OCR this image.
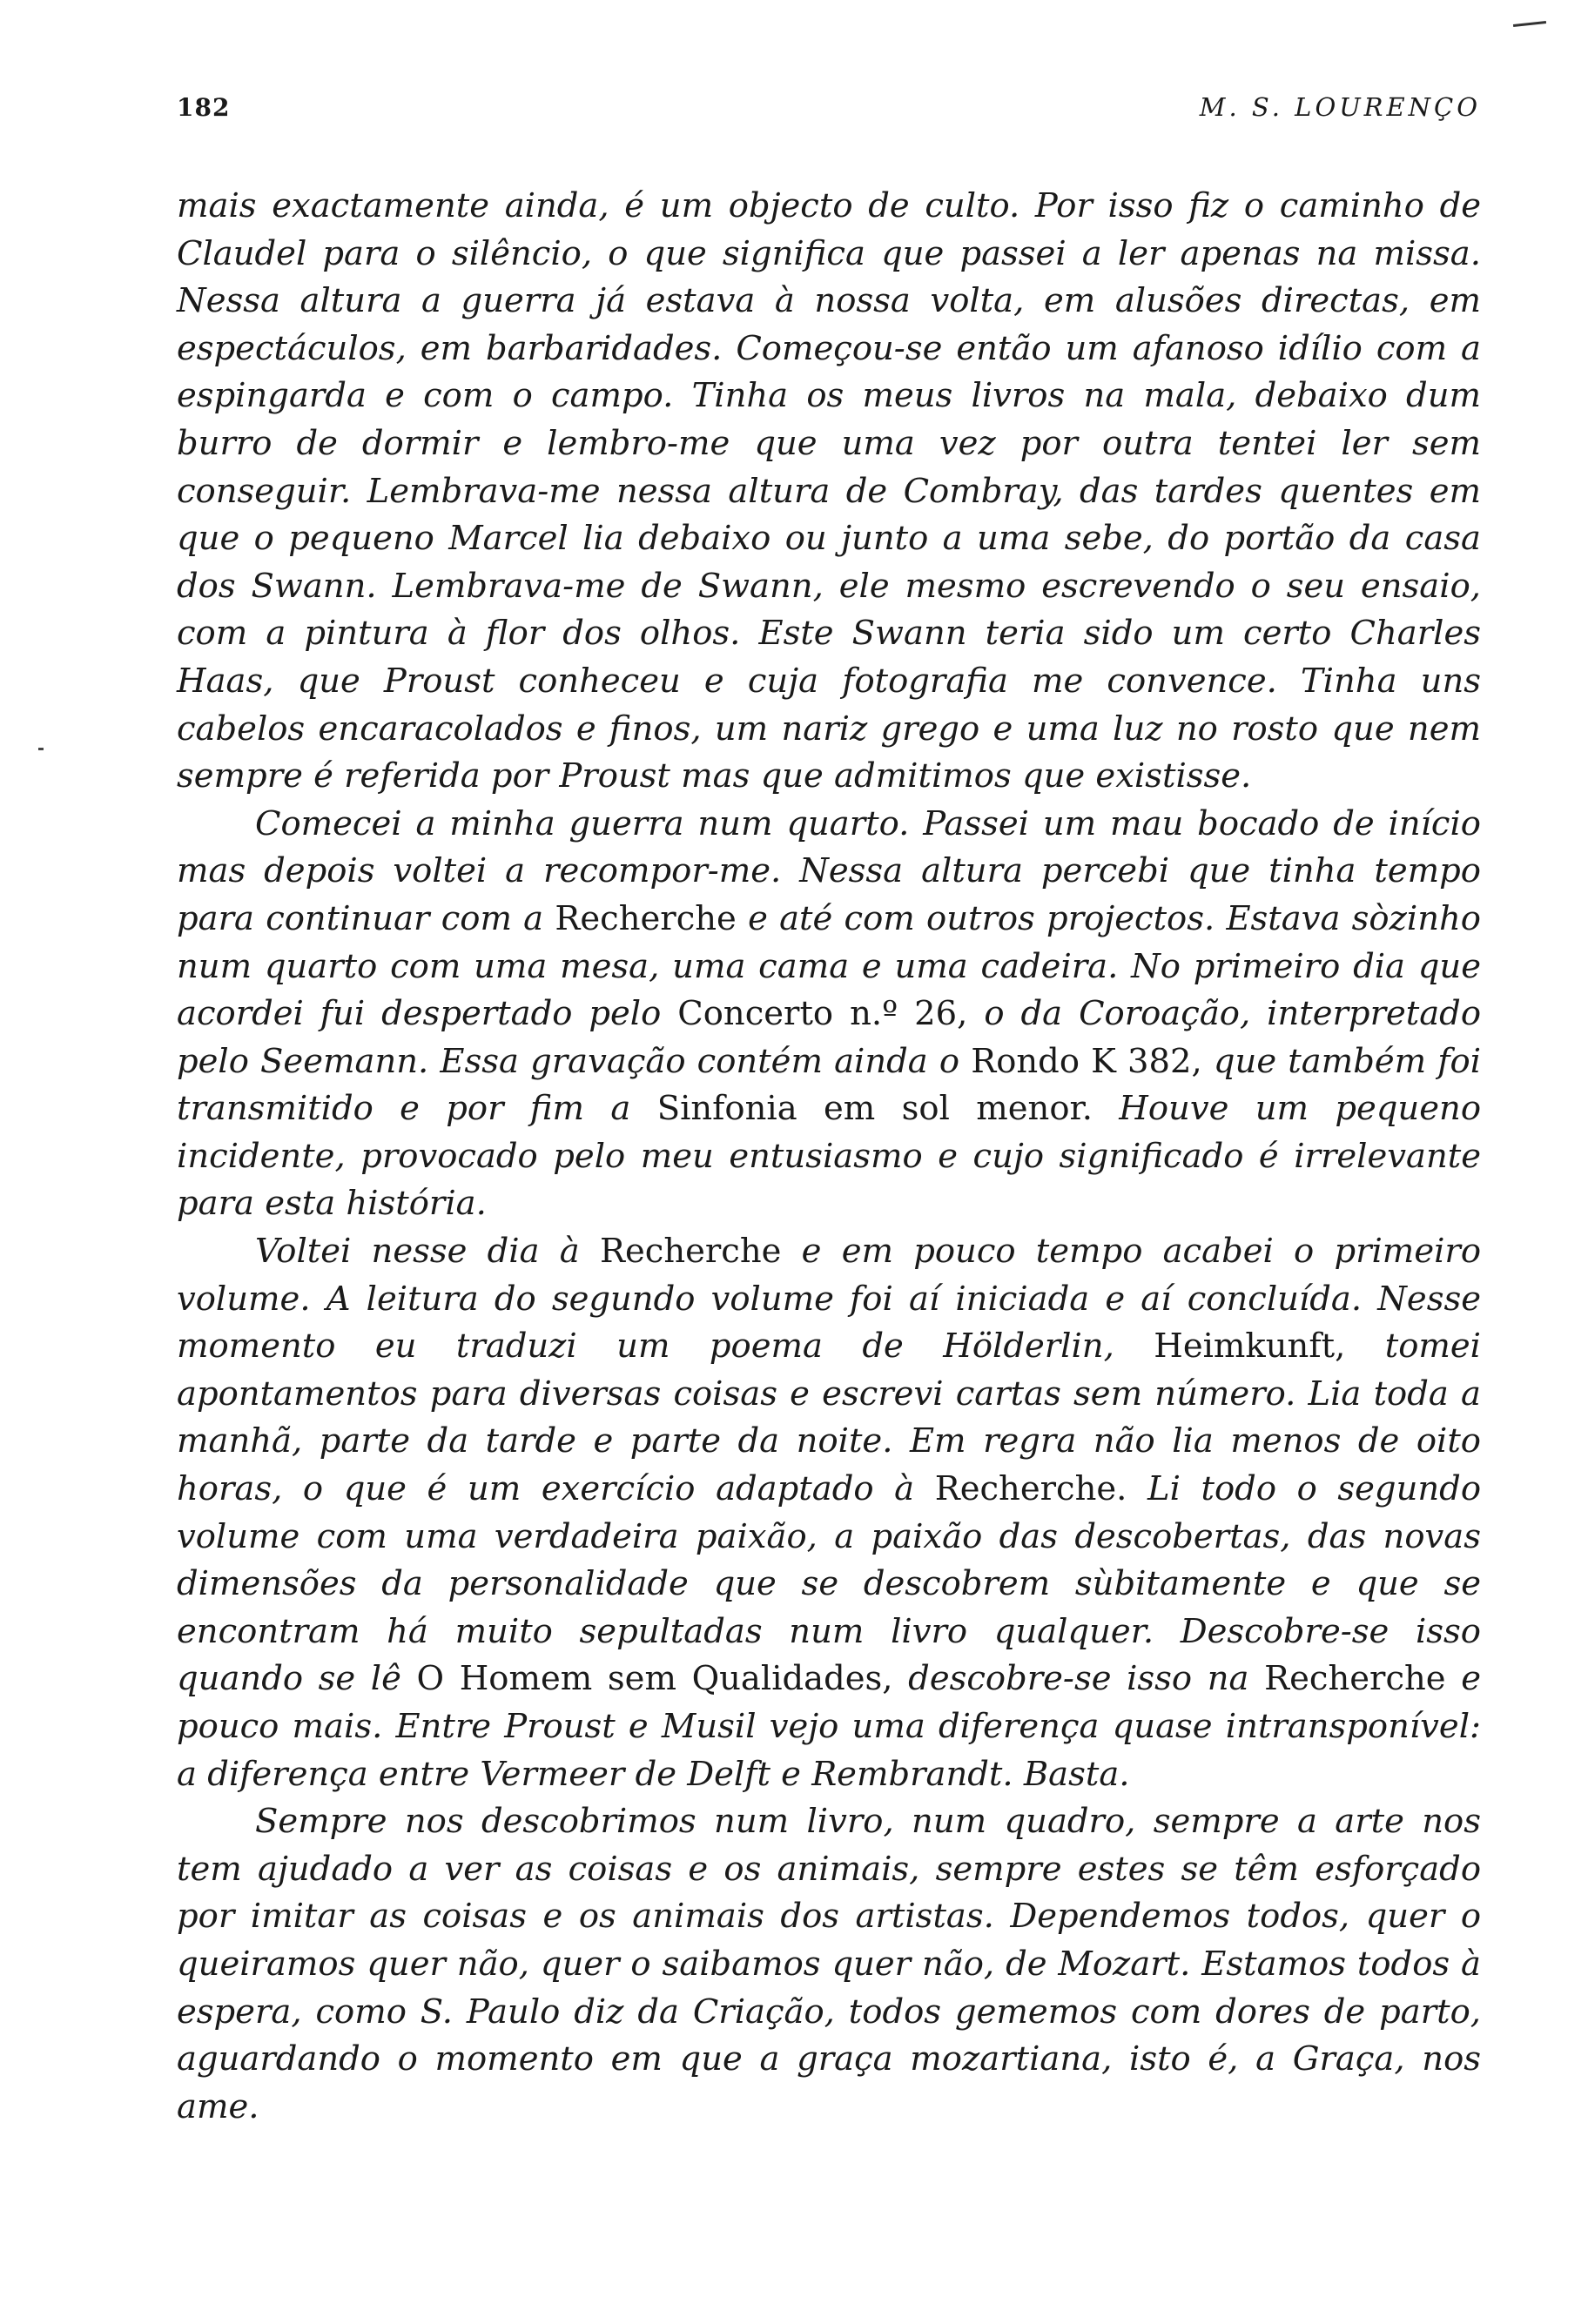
182	M. S. LOURENÇO

mais exactamente ainda, é um objecto de culto. Por isso fiz o caminho de Claudel para o silêncio, o que significa que passei a ler apenas na missa. Nessa altura a guerra já estava à nossa volta, em alusões directas, em espectáculos, em barbaridades. Começou-se então um afanoso idílio com a espingarda e com o campo. Tinha os meus livros na mala, debaixo dum burro de dormir e lembro-me que uma vez por outra tentei ler sem conseguir. Lembrava-me nessa altura de Combray, das tardes quentes em que o pequeno Marcel lia debaixo ou junto a uma sebe, do portão da casa dos Swann. Lembrava-me de Swann, ele mesmo escrevendo o seu ensaio, com a pintura à flor dos olhos. Este Swann teria sido um certo Charles Haas, que Proust conheceu e cuja fotografia me convence. Tinha uns cabelos encaracolados e finos, um nariz grego e uma luz no rosto que nem sempre é referida por Proust mas que admitimos que existisse.

Comecei a minha guerra num quarto. Passei um mau bocado de início mas depois voltei a recompor-me. Nessa altura percebi que tinha tempo para continuar com a Recherche e até com outros projectos. Estava sòzinho num quarto com uma mesa, uma cama e uma cadeira. No primeiro dia que acordei fui despertado pelo Concerto n.º 26, o da Coroação, interpretado pelo Seemann. Essa gravação contém ainda o Rondo K 382, que também foi transmitido e por fim a Sinfonia em sol menor. Houve um pequeno incidente, provocado pelo meu entusiasmo e cujo significado é irrelevante para esta história.

Voltei nesse dia à Recherche e em pouco tempo acabei o primeiro volume. A leitura do segundo volume foi aí iniciada e aí concluída. Nesse momento eu traduzi um poema de Hölderlin, Heimkunft, tomei apontamentos para diversas coisas e escrevi cartas sem número. Lia toda a manhã, parte da tarde e parte da noite. Em regra não lia menos de oito horas, o que é um exercício adaptado à Recherche. Li todo o segundo volume com uma verdadeira paixão, a paixão das descobertas, das novas dimensões da personalidade que se descobrem sùbitamente e que se encontram há muito sepultadas num livro qualquer. Descobre-se isso quando se lê O Homem sem Qualidades, descobre-se isso na Recherche e pouco mais. Entre Proust e Musil vejo uma diferença quase intransponível: a diferença entre Vermeer de Delft e Rembrandt. Basta.

Sempre nos descobrimos num livro, num quadro, sempre a arte nos tem ajudado a ver as coisas e os animais, sempre estes se têm esforçado por imitar as coisas e os animais dos artistas. Dependemos todos, quer o queiramos quer não, quer o saibamos quer não, de Mozart. Estamos todos à espera, como S. Paulo diz da Criação, todos gememos com dores de parto, aguardando o momento em que a graça mozartiana, isto é, a Graça, nos ame.
